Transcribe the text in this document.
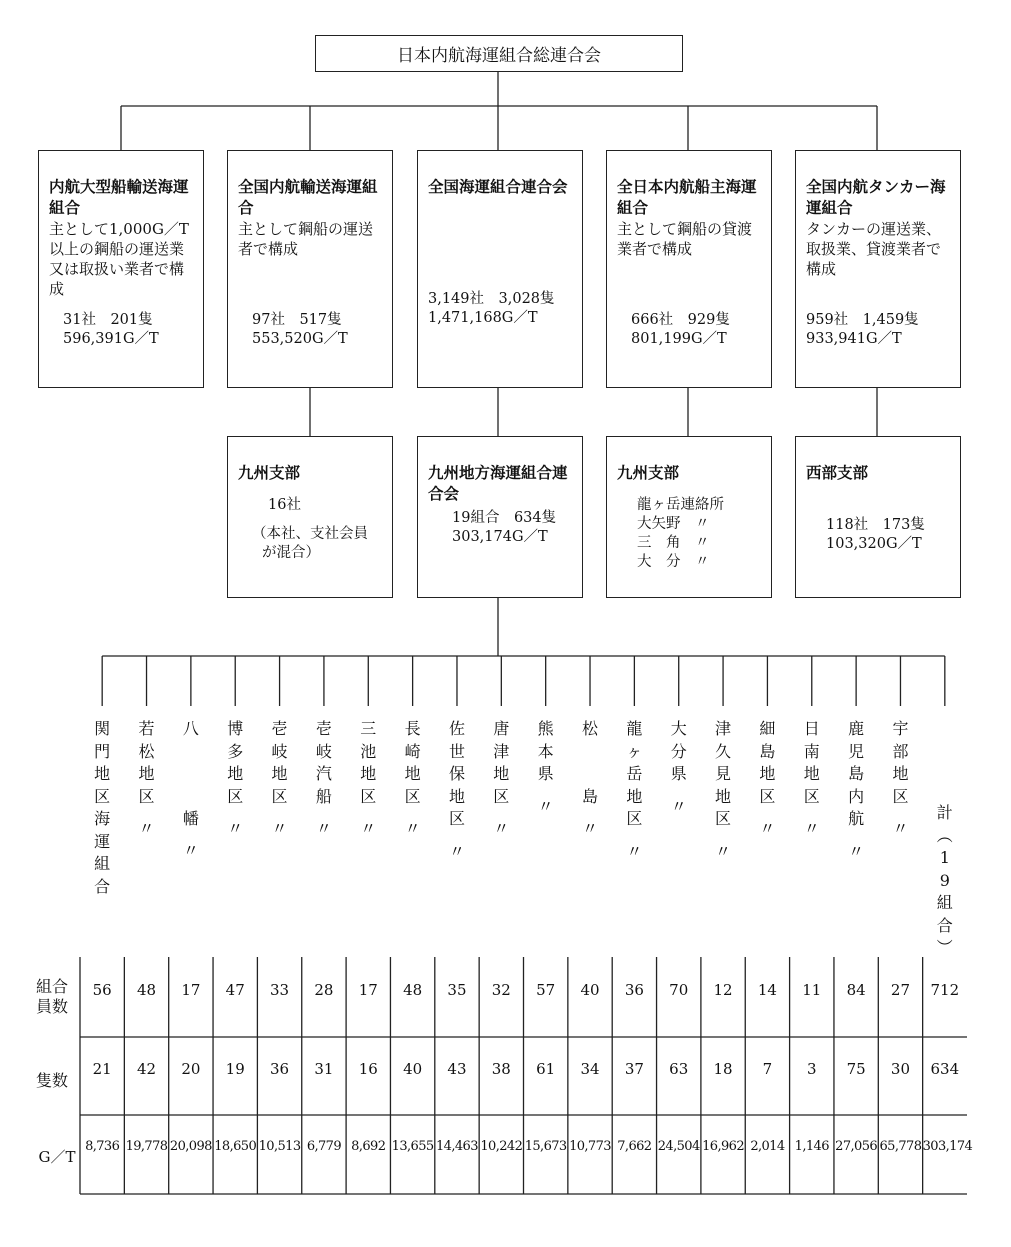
日本内航海運組合総連合会
内航大型船輸送海運組合
主として1,000G／T以上の鋼船の運送業又は取扱い業者で構成
31社　201隻
596,391G／T
全国内航輸送海運組合
主として鋼船の運送者で構成
97社　517隻
553,520G／T
全国海運組合連合会
3,149社　3,028隻
1,471,168G／T
全日本内航船主海運組合
主として鋼船の貸渡業者で構成
666社　929隻
801,199G／T
全国内航タンカー海運組合
タンカーの運送業、取扱業、貸渡業者で構成
959社　1,459隻
933,941G／T
九州支部
16社
（本社、支社会員
が混合）
九州地方海運組合連合会
19組合　634隻
303,174G／T
九州支部
龍ヶ岳連絡所
大矢野　〃
三　角　〃
大　分　〃
西部支部
118社　173隻
103,320G／T
関
門
地
区
海
運
組
合
若
松
地
区
〃
八
幡
〃
博
多
地
区
〃
壱
岐
地
区
〃
壱
岐
汽
船
〃
三
池
地
区
〃
長
崎
地
区
〃
佐
世
保
地
区
〃
唐
津
地
区
〃
熊
本
県
〃
松
島
〃
龍
ヶ
岳
地
区
〃
大
分
県
〃
津
久
見
地
区
〃
細
島
地
区
〃
日
南
地
区
〃
鹿
児
島
内
航
〃
宇
部
地
区
〃
計
︵
1
9
組
合
︶
組合員数
隻数
G／T
56
21
8,736
48
42
19,778
17
20
20,098
47
19
18,650
33
36
10,513
28
31
6,779
17
16
8,692
48
40
13,655
35
43
14,463
32
38
10,242
57
61
15,673
40
34
10,773
36
37
7,662
70
63
24,504
12
18
16,962
14
7
2,014
11
3
1,146
84
75
27,056
27
30
65,778
712
634
303,174
